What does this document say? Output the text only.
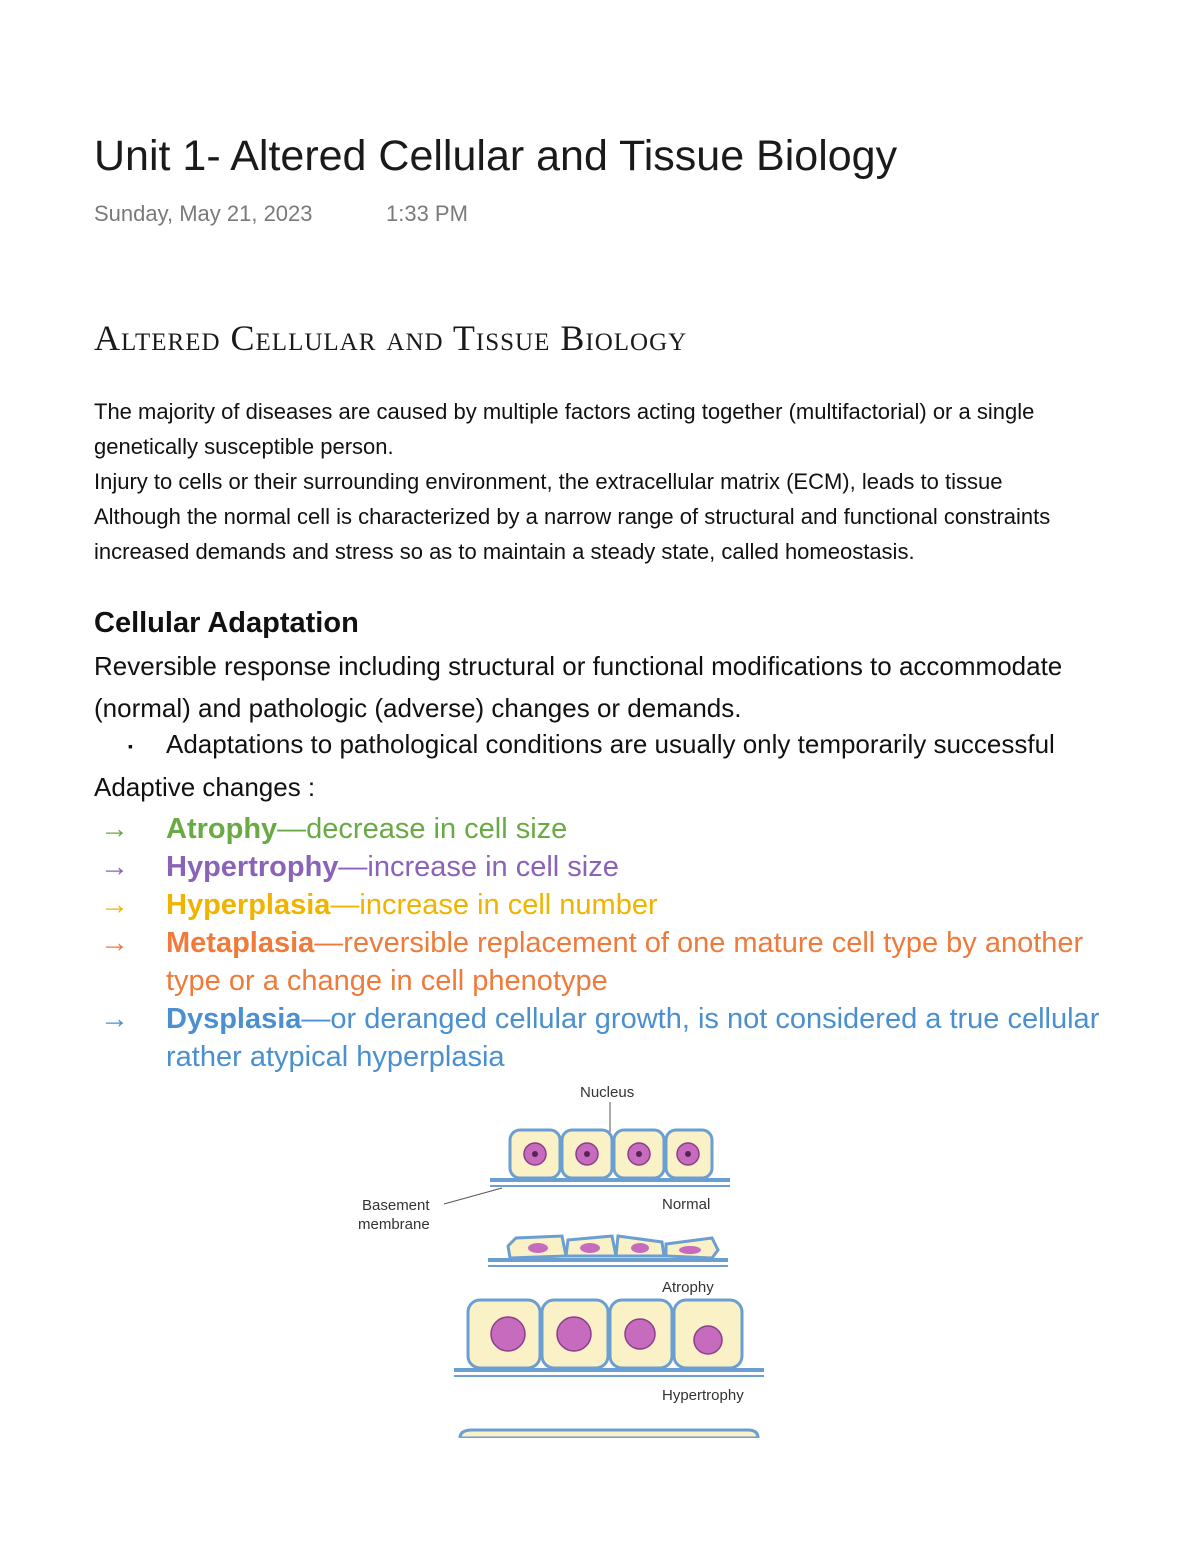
Unit 1- Altered Cellular and Tissue Biology
Sunday, May 21, 2023	1:33 PM
Altered Cellular and Tissue Biology

The majority of diseases are caused by multiple factors acting together (multifactorial) or a single
genetically susceptible person.
Injury to cells or their surrounding environment, the extracellular matrix (ECM), leads to tissue
Although the normal cell is characterized by a narrow range of structural and functional constraints
increased demands and stress so as to maintain a steady state, called homeostasis.

Cellular Adaptation

Reversible response including structural or functional modifications to accommodate
(normal) and pathologic (adverse) changes or demands.

▪ Adaptations to pathological conditions are usually only temporarily successful
Adaptive changes :
→ Atrophy—decrease in cell size
→ Hypertrophy—increase in cell size
→ Hyperplasia—increase in cell number
→ Metaplasia—reversible replacement of one mature cell type by another
type or a change in cell phenotype
→ Dysplasia—or deranged cellular growth, is not considered a true cellular
rather atypical hyperplasia
Nucleus
Basement
membrane
Normal
Atrophy
Hypertrophy
